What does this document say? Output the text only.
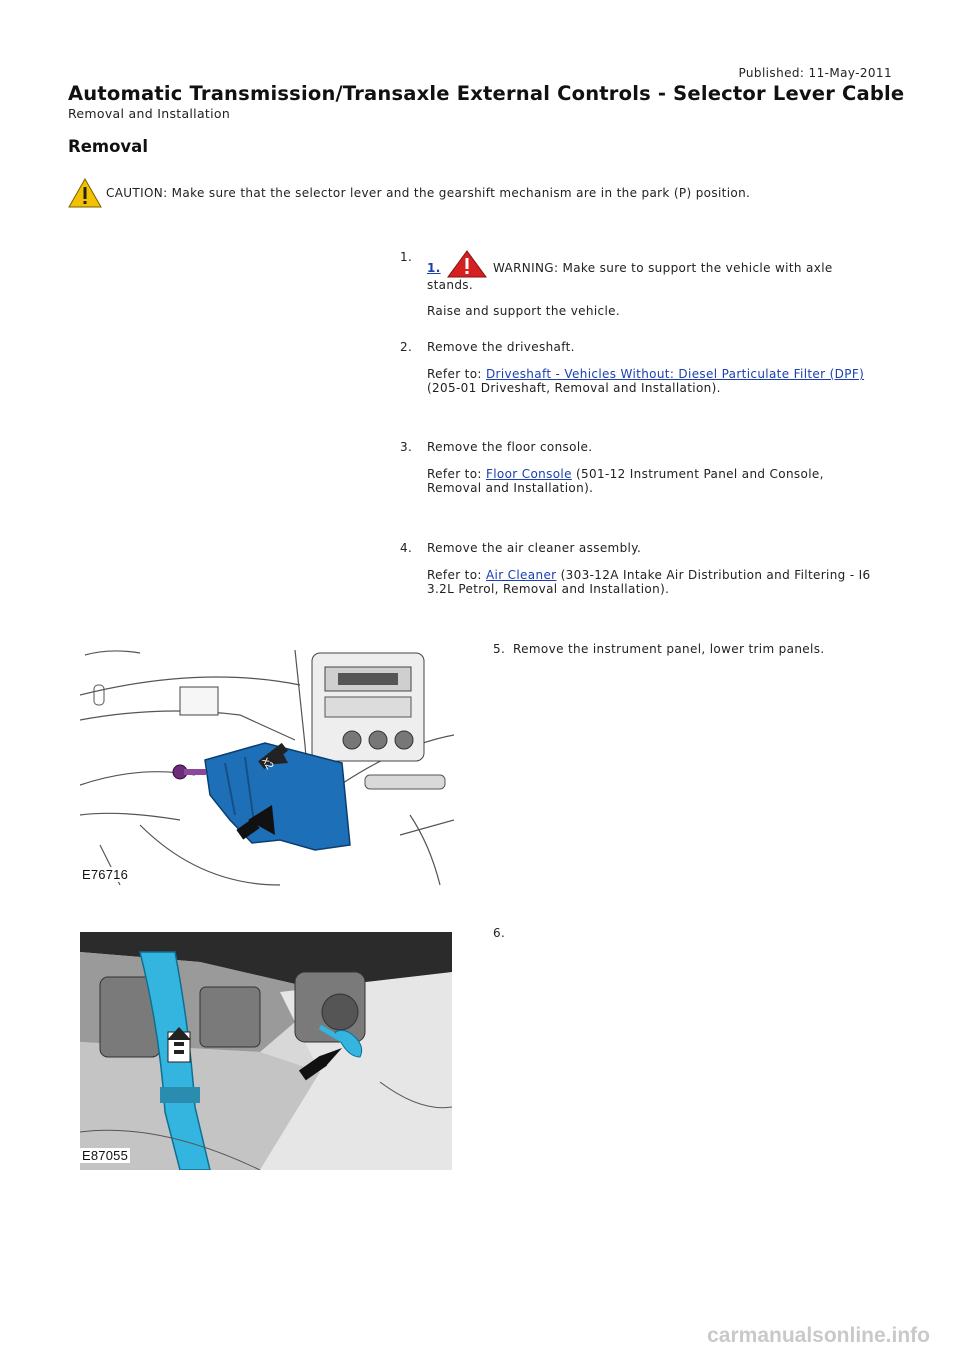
Published: 11-May-2011
Automatic Transmission/Transaxle External Controls - Selector Lever Cable
Removal and Installation
Removal
CAUTION: Make sure that the selector lever and the gearshift mechanism are in the park (P) position.
1.

1.	WARNING: Make sure to support the vehicle with axle stands.

Raise and support the vehicle.

2.	Remove the driveshaft.

Refer to: Driveshaft - Vehicles Without: Diesel Particulate Filter (DPF) (205-01 Driveshaft, Removal and Installation).

3.	Remove the floor console.

Refer to: Floor Console (501-12 Instrument Panel and Console, Removal and Installation).

4.	Remove the air cleaner assembly.

Refer to: Air Cleaner (303-12A Intake Air Distribution and Filtering - I6 3.2L Petrol, Removal and Installation).

5. Remove the instrument panel, lower trim panels.

6.
x2
E76716
E87055
carmanualsonline.info
